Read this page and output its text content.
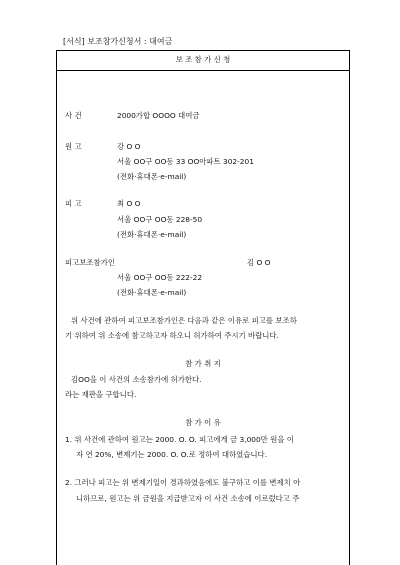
[서식] 보조참가신청서 : 대여금
보 조 참 가 신 청
사 건	2000가합 OOOO 대여금
원 고	강 O O
서울 OO구 OO동 33 OO아파트 302-201
(전화·휴대폰·e-mail)
피 고	최 O O
서울 OO구 OO동 228-50
(전화·휴대폰·e-mail)
피고보조참가인	김 O O
서울 OO구 OO동 222-22
(전화·휴대폰·e-mail)
위 사건에 관하여 피고보조참가인은 다음과 같은 이유로 피고를 보조하
기 위하여 위 소송에 참고하고자 하오니 허가하여 주시기 바랍니다.
참 가 취 지
김OO을 이 사건의 소송참가에 허가한다.
라는 재판을 구합니다.
참 가 이 유
1. 위 사건에 관하여 원고는 2000. O. O. 피고에게 금 3,000만 원을 이
자 연 20%, 변제기는 2000. O. O.로 정하여 대하였습니다.
2. 그러나 피고는 위 변제기일이 경과하였음에도 불구하고 이를 변제치 아
니하므로, 원고는 위 금원을 지급받고자 이 사건 소송에 이르렀다고 주
